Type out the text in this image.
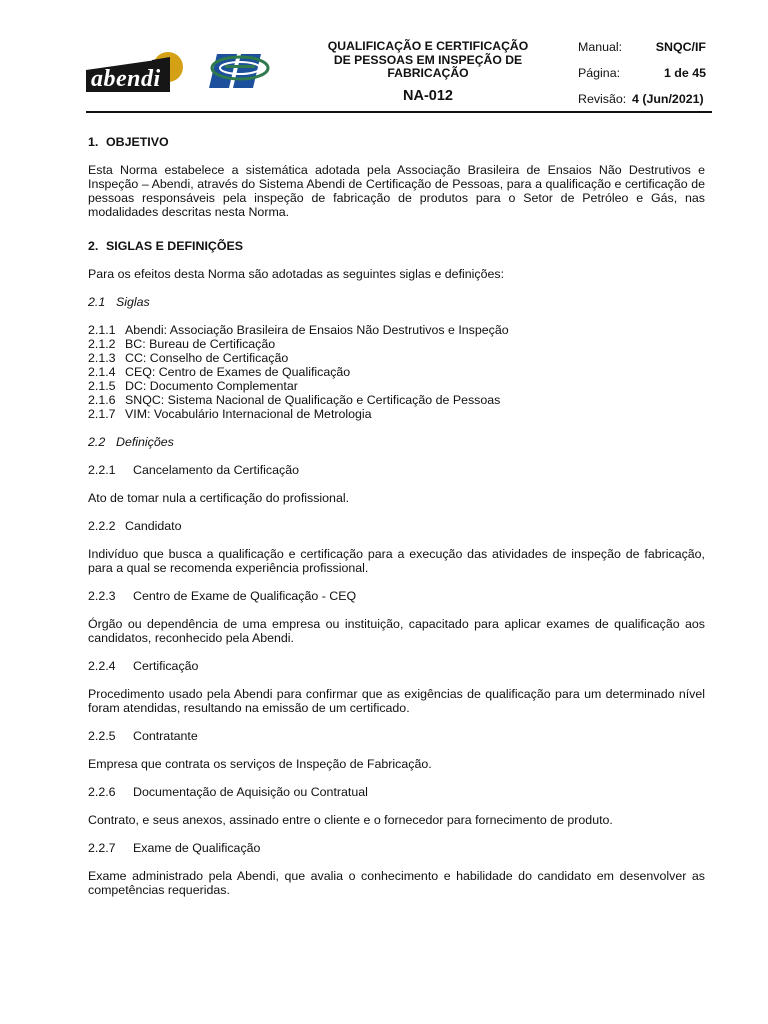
abendi
QUALIFICAÇÃO E CERTIFICAÇÃO
DE PESSOAS EM INSPEÇÃO DE
FABRICAÇÃO
NA-012
Manual:	SNQC/IF
Página:	1 de 45
Revisão: 4 (Jun/2021)

1. OBJETIVO

Esta Norma estabelece a sistemática adotada pela Associação Brasileira de Ensaios Não Destrutivos e Inspeção – Abendi, através do Sistema Abendi de Certificação de Pessoas, para a qualificação e certificação de pessoas responsáveis pela inspeção de fabricação de produtos para o Setor de Petróleo e Gás, nas modalidades descritas nesta Norma.

2. SIGLAS E DEFINIÇÕES

Para os efeitos desta Norma são adotadas as seguintes siglas e definições:

2.1 Siglas

2.1.1 Abendi: Associação Brasileira de Ensaios Não Destrutivos e Inspeção

2.1.2 BC: Bureau de Certificação

2.1.3 CC: Conselho de Certificação

2.1.4 CEQ: Centro de Exames de Qualificação

2.1.5 DC: Documento Complementar

2.1.6 SNQC: Sistema Nacional de Qualificação e Certificação de Pessoas

2.1.7 VIM: Vocabulário Internacional de Metrologia

2.2 Definições

2.2.1 Cancelamento da Certificação

Ato de tomar nula a certificação do profissional.

2.2.2 Candidato

Indivíduo que busca a qualificação e certificação para a execução das atividades de inspeção de fabricação, para a qual se recomenda experiência profissional.

2.2.3 Centro de Exame de Qualificação - CEQ

Órgão ou dependência de uma empresa ou instituição, capacitado para aplicar exames de qualificação aos candidatos, reconhecido pela Abendi.

2.2.4 Certificação

Procedimento usado pela Abendi para confirmar que as exigências de qualificação para um determinado nível foram atendidas, resultando na emissão de um certificado.

2.2.5 Contratante

Empresa que contrata os serviços de Inspeção de Fabricação.

2.2.6 Documentação de Aquisição ou Contratual

Contrato, e seus anexos, assinado entre o cliente e o fornecedor para fornecimento de produto.

2.2.7 Exame de Qualificação

Exame administrado pela Abendi, que avalia o conhecimento e habilidade do candidato em desenvolver as competências requeridas.
